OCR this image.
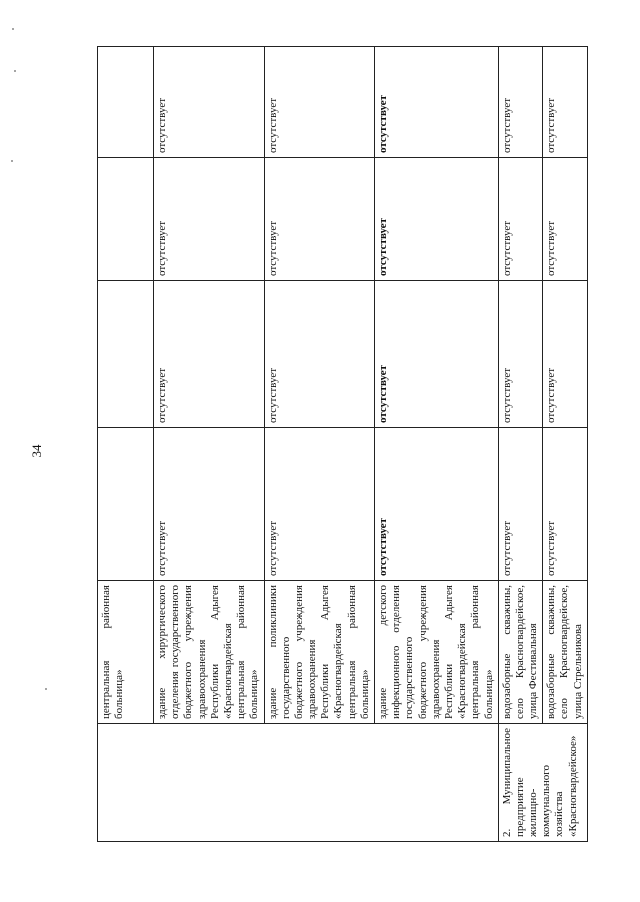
34
	центральная районная больница»				
	здание хирургического отделения государственного бюджетного учреждения здравоохранения Республики Адыгея «Красногвардейская центральная районная больница»	отсутствует	отсутствует	отсутствует	отсутствует
	здание поликлиники государственного бюджетного учреждения здравоохранения Республики Адыгея «Красногвардейская центральная районная больница»	отсутствует	отсутствует	отсутствует	отсутствует
	здание детского инфекционного отделения государственного бюджетного учреждения здравоохранения Республики Адыгея «Красногвардейская центральная районная больница»	отсутствует	отсутствует	отсутствует	отсутствует
2. Муниципальное предприятие жилищно-коммунального хозяйства «Красногвардейское»	водозаборные скважины, село Красногвардейское, улица Фестивальная	отсутствует	отсутствует	отсутствует	отсутствует
	водозаборные скважины, село Красногвардейское, улица Стрельникова	отсутствует	отсутствует	отсутствует	отсутствует
